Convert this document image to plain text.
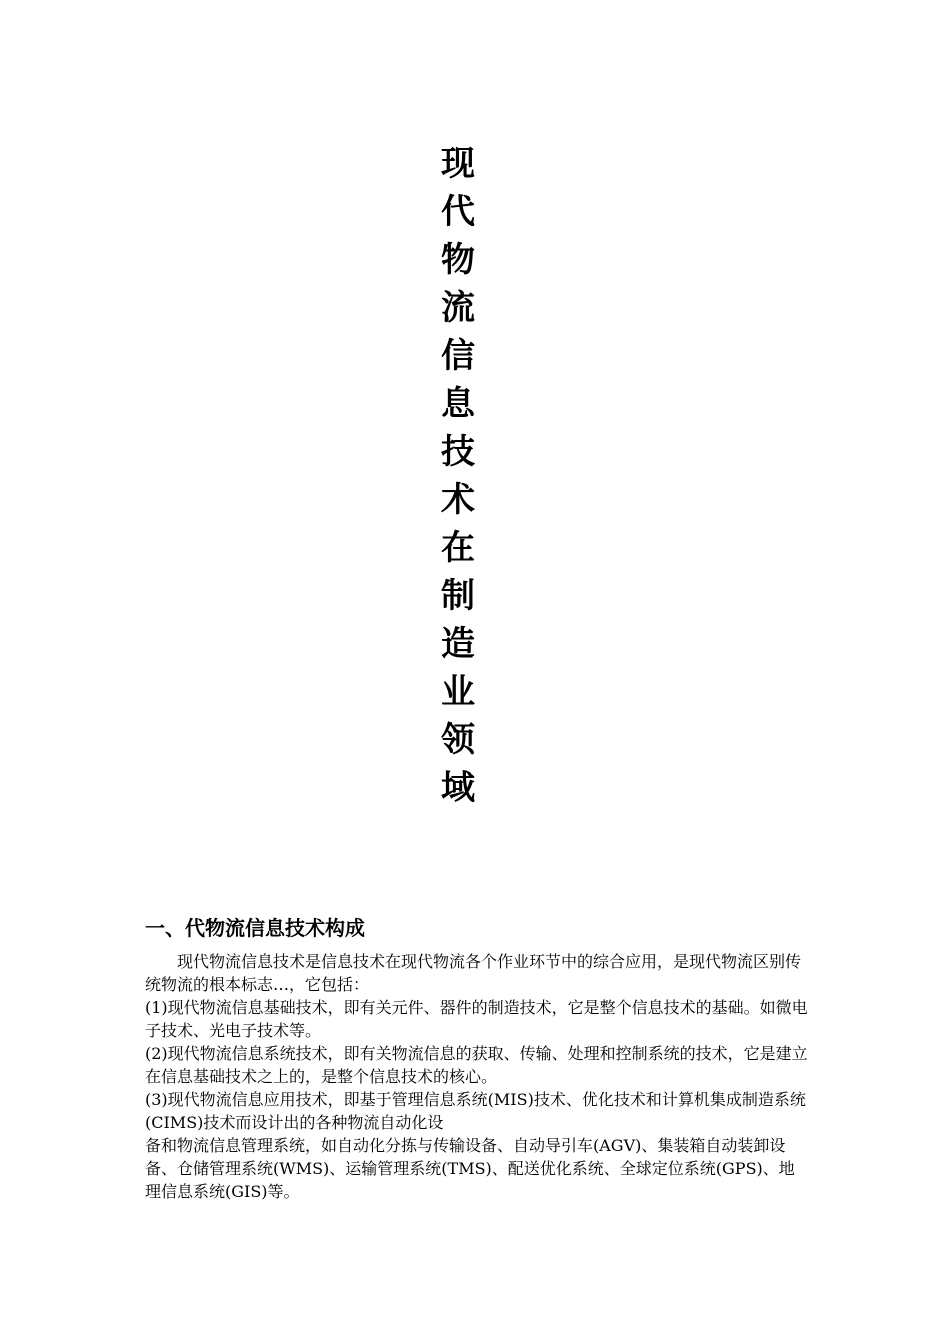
现代物流信息技术在制造业领域
一、代物流信息技术构成

现代物流信息技术是信息技术在现代物流各个作业环节中的综合应用，是现代物流区别传统物流的根本标志…，它包括：

(1)现代物流信息基础技术，即有关元件、器件的制造技术，它是整个信息技术的基础。如微电子技术、光电子技术等。

(2)现代物流信息系统技术，即有关物流信息的获取、传输、处理和控制系统的技术，它是建立在信息基础技术之上的，是整个信息技术的核心。

(3)现代物流信息应用技术，即基于管理信息系统(MIS)技术、优化技术和计算机集成制造系统(CIMS)技术而设计出的各种物流自动化设

备和物流信息管理系统，如自动化分拣与传输设备、自动导引车(AGV)、集装箱自动装卸设备、仓储管理系统(WMS)、运输管理系统(TMS)、配送优化系统、全球定位系统(GPS)、地理信息系统(GIS)等。
